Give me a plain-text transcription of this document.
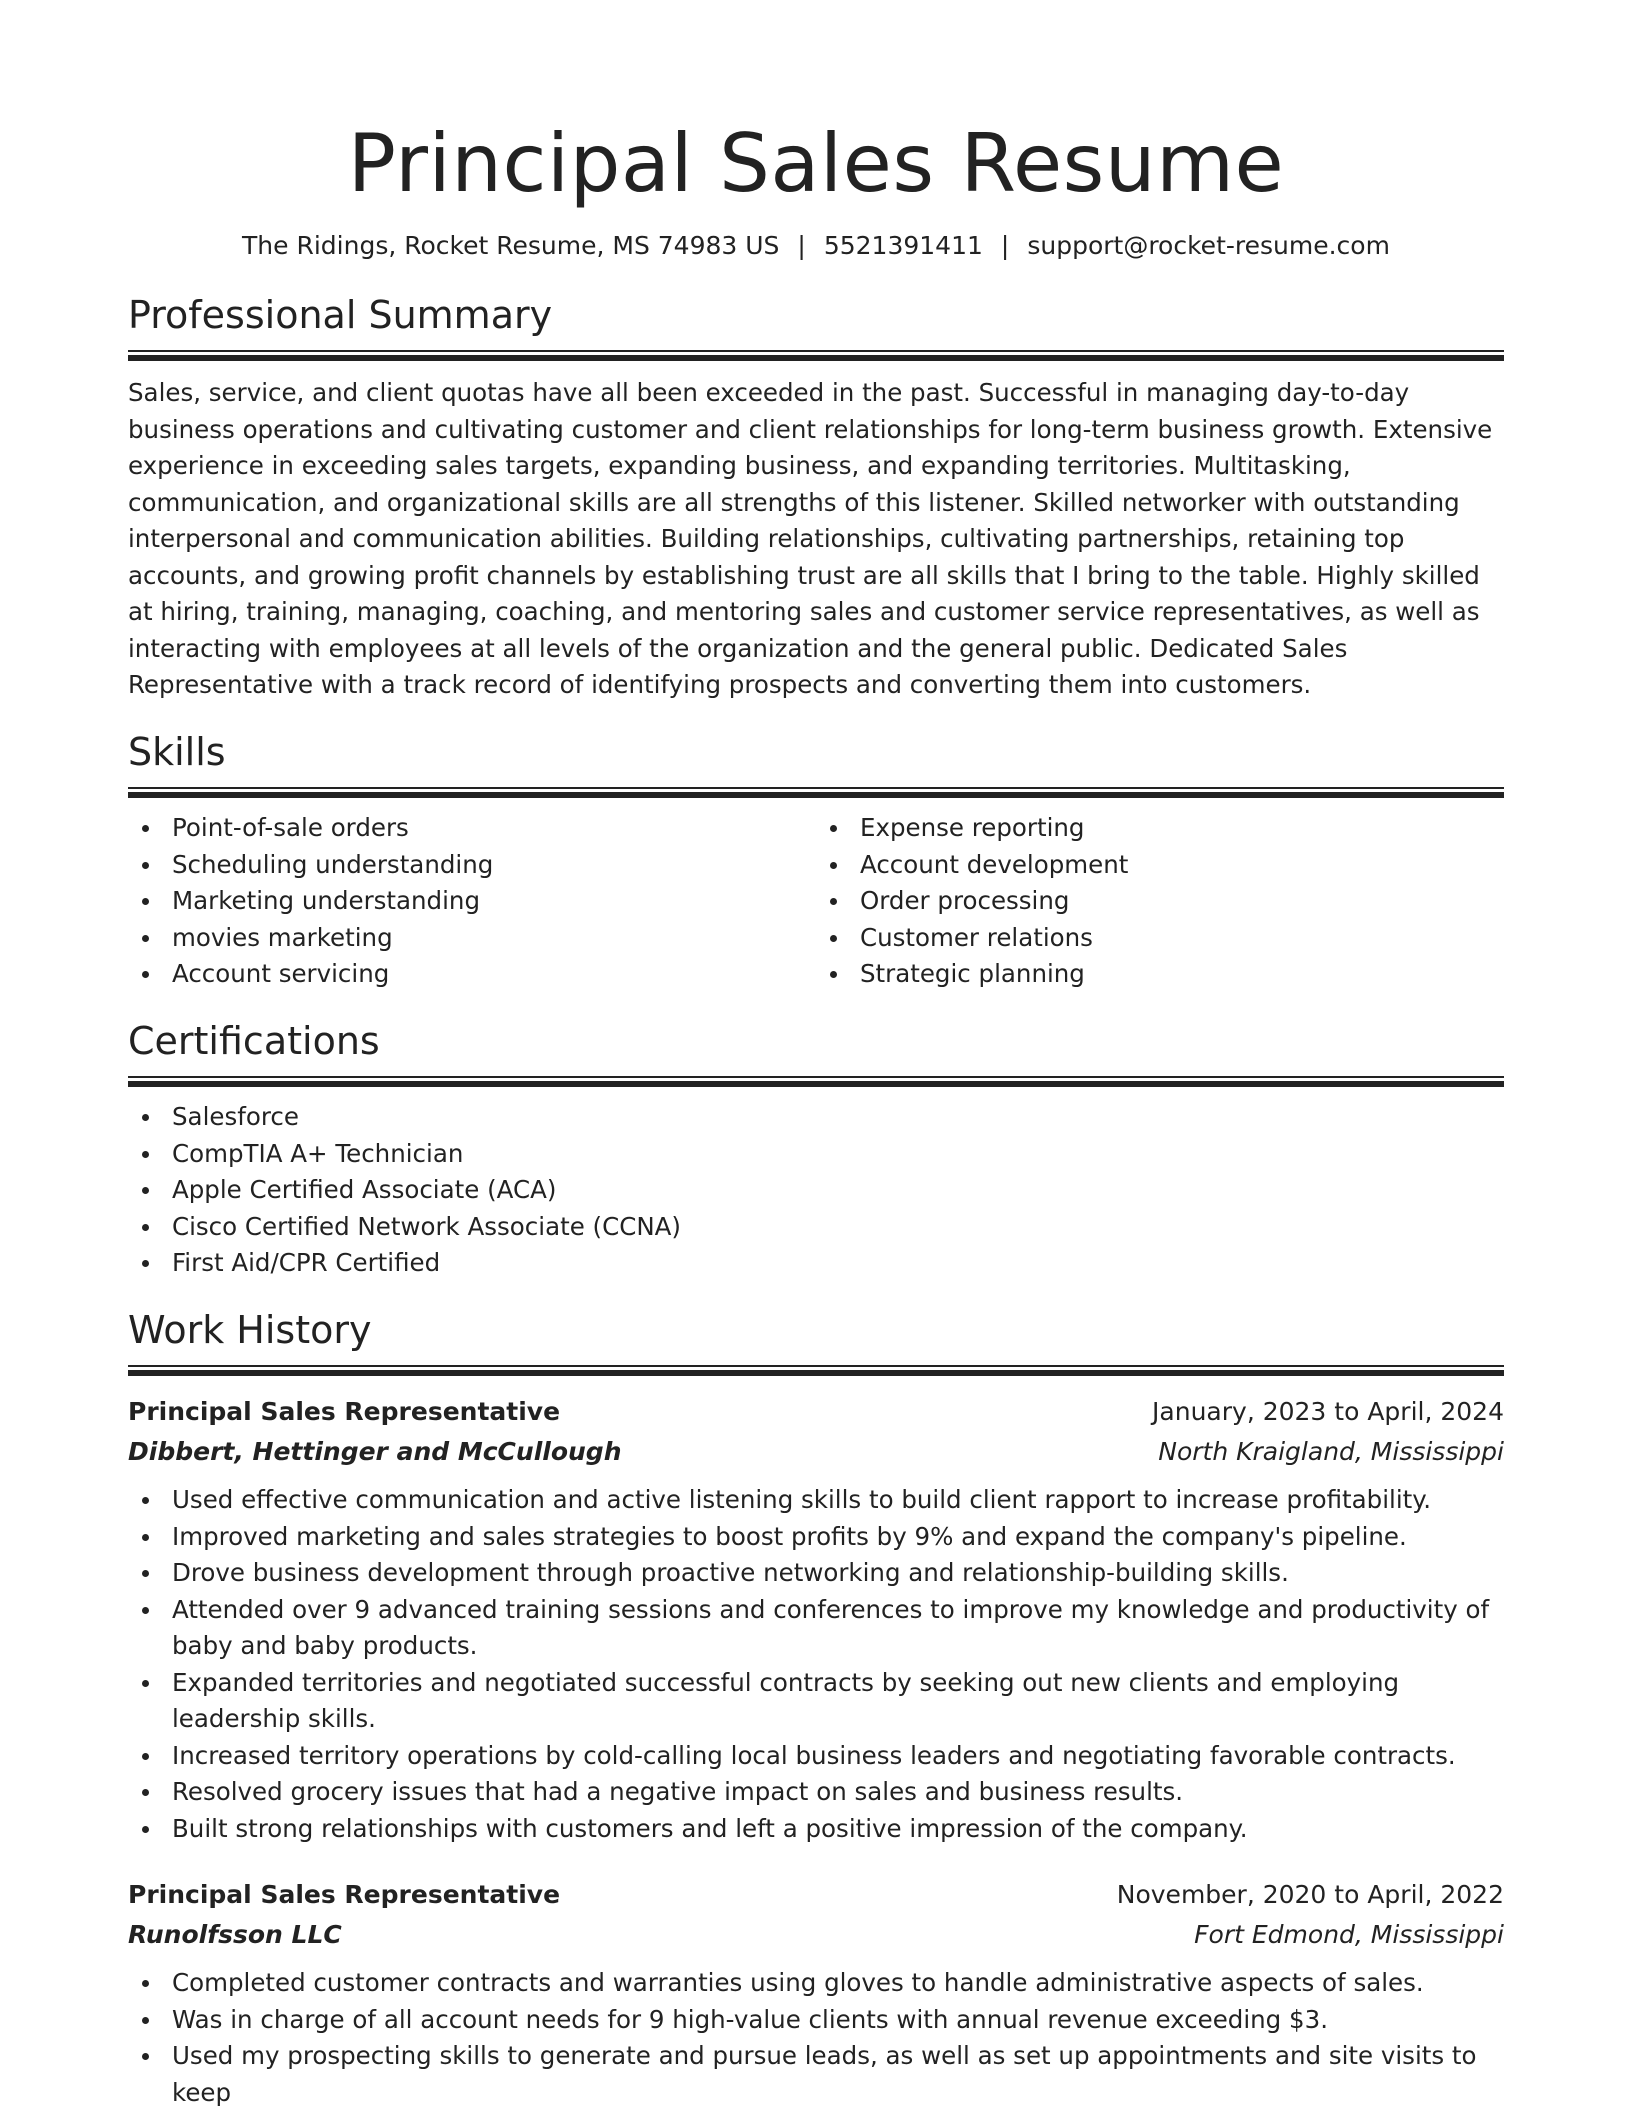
Principal Sales Resume
The Ridings, Rocket Resume, MS 74983 US | 5521391411 | support@rocket-resume.com
Professional Summary
Sales, service, and client quotas have all been exceeded in the past. Successful in managing day-to-day business operations and cultivating customer and client relationships for long-term business growth. Extensive experience in exceeding sales targets, expanding business, and expanding territories. Multitasking, communication, and organizational skills are all strengths of this listener. Skilled networker with outstanding interpersonal and communication abilities. Building relationships, cultivating partnerships, retaining top accounts, and growing profit channels by establishing trust are all skills that I bring to the table. Highly skilled at hiring, training, managing, coaching, and mentoring sales and customer service representatives, as well as interacting with employees at all levels of the organization and the general public. Dedicated Sales Representative with a track record of identifying prospects and converting them into customers.
Skills
Point-of-sale orders
Scheduling understanding
Marketing understanding
movies marketing
Account servicing
Expense reporting
Account development
Order processing
Customer relations
Strategic planning
Certifications
Salesforce
CompTIA A+ Technician
Apple Certified Associate (ACA)
Cisco Certified Network Associate (CCNA)
First Aid/CPR Certified
Work History
Principal Sales Representative	January, 2023 to April, 2024
Dibbert, Hettinger and McCullough	North Kraigland, Mississippi
Used effective communication and active listening skills to build client rapport to increase profitability.
Improved marketing and sales strategies to boost profits by 9% and expand the company's pipeline.
Drove business development through proactive networking and relationship-building skills.
Attended over 9 advanced training sessions and conferences to improve my knowledge and productivity of baby and baby products.
Expanded territories and negotiated successful contracts by seeking out new clients and employing leadership skills.
Increased territory operations by cold-calling local business leaders and negotiating favorable contracts.
Resolved grocery issues that had a negative impact on sales and business results.
Built strong relationships with customers and left a positive impression of the company.
Principal Sales Representative	November, 2020 to April, 2022
Runolfsson LLC	Fort Edmond, Mississippi
Completed customer contracts and warranties using gloves to handle administrative aspects of sales.
Was in charge of all account needs for 9 high-value clients with annual revenue exceeding $3.
Used my prospecting skills to generate and pursue leads, as well as set up appointments and site visits to keep
